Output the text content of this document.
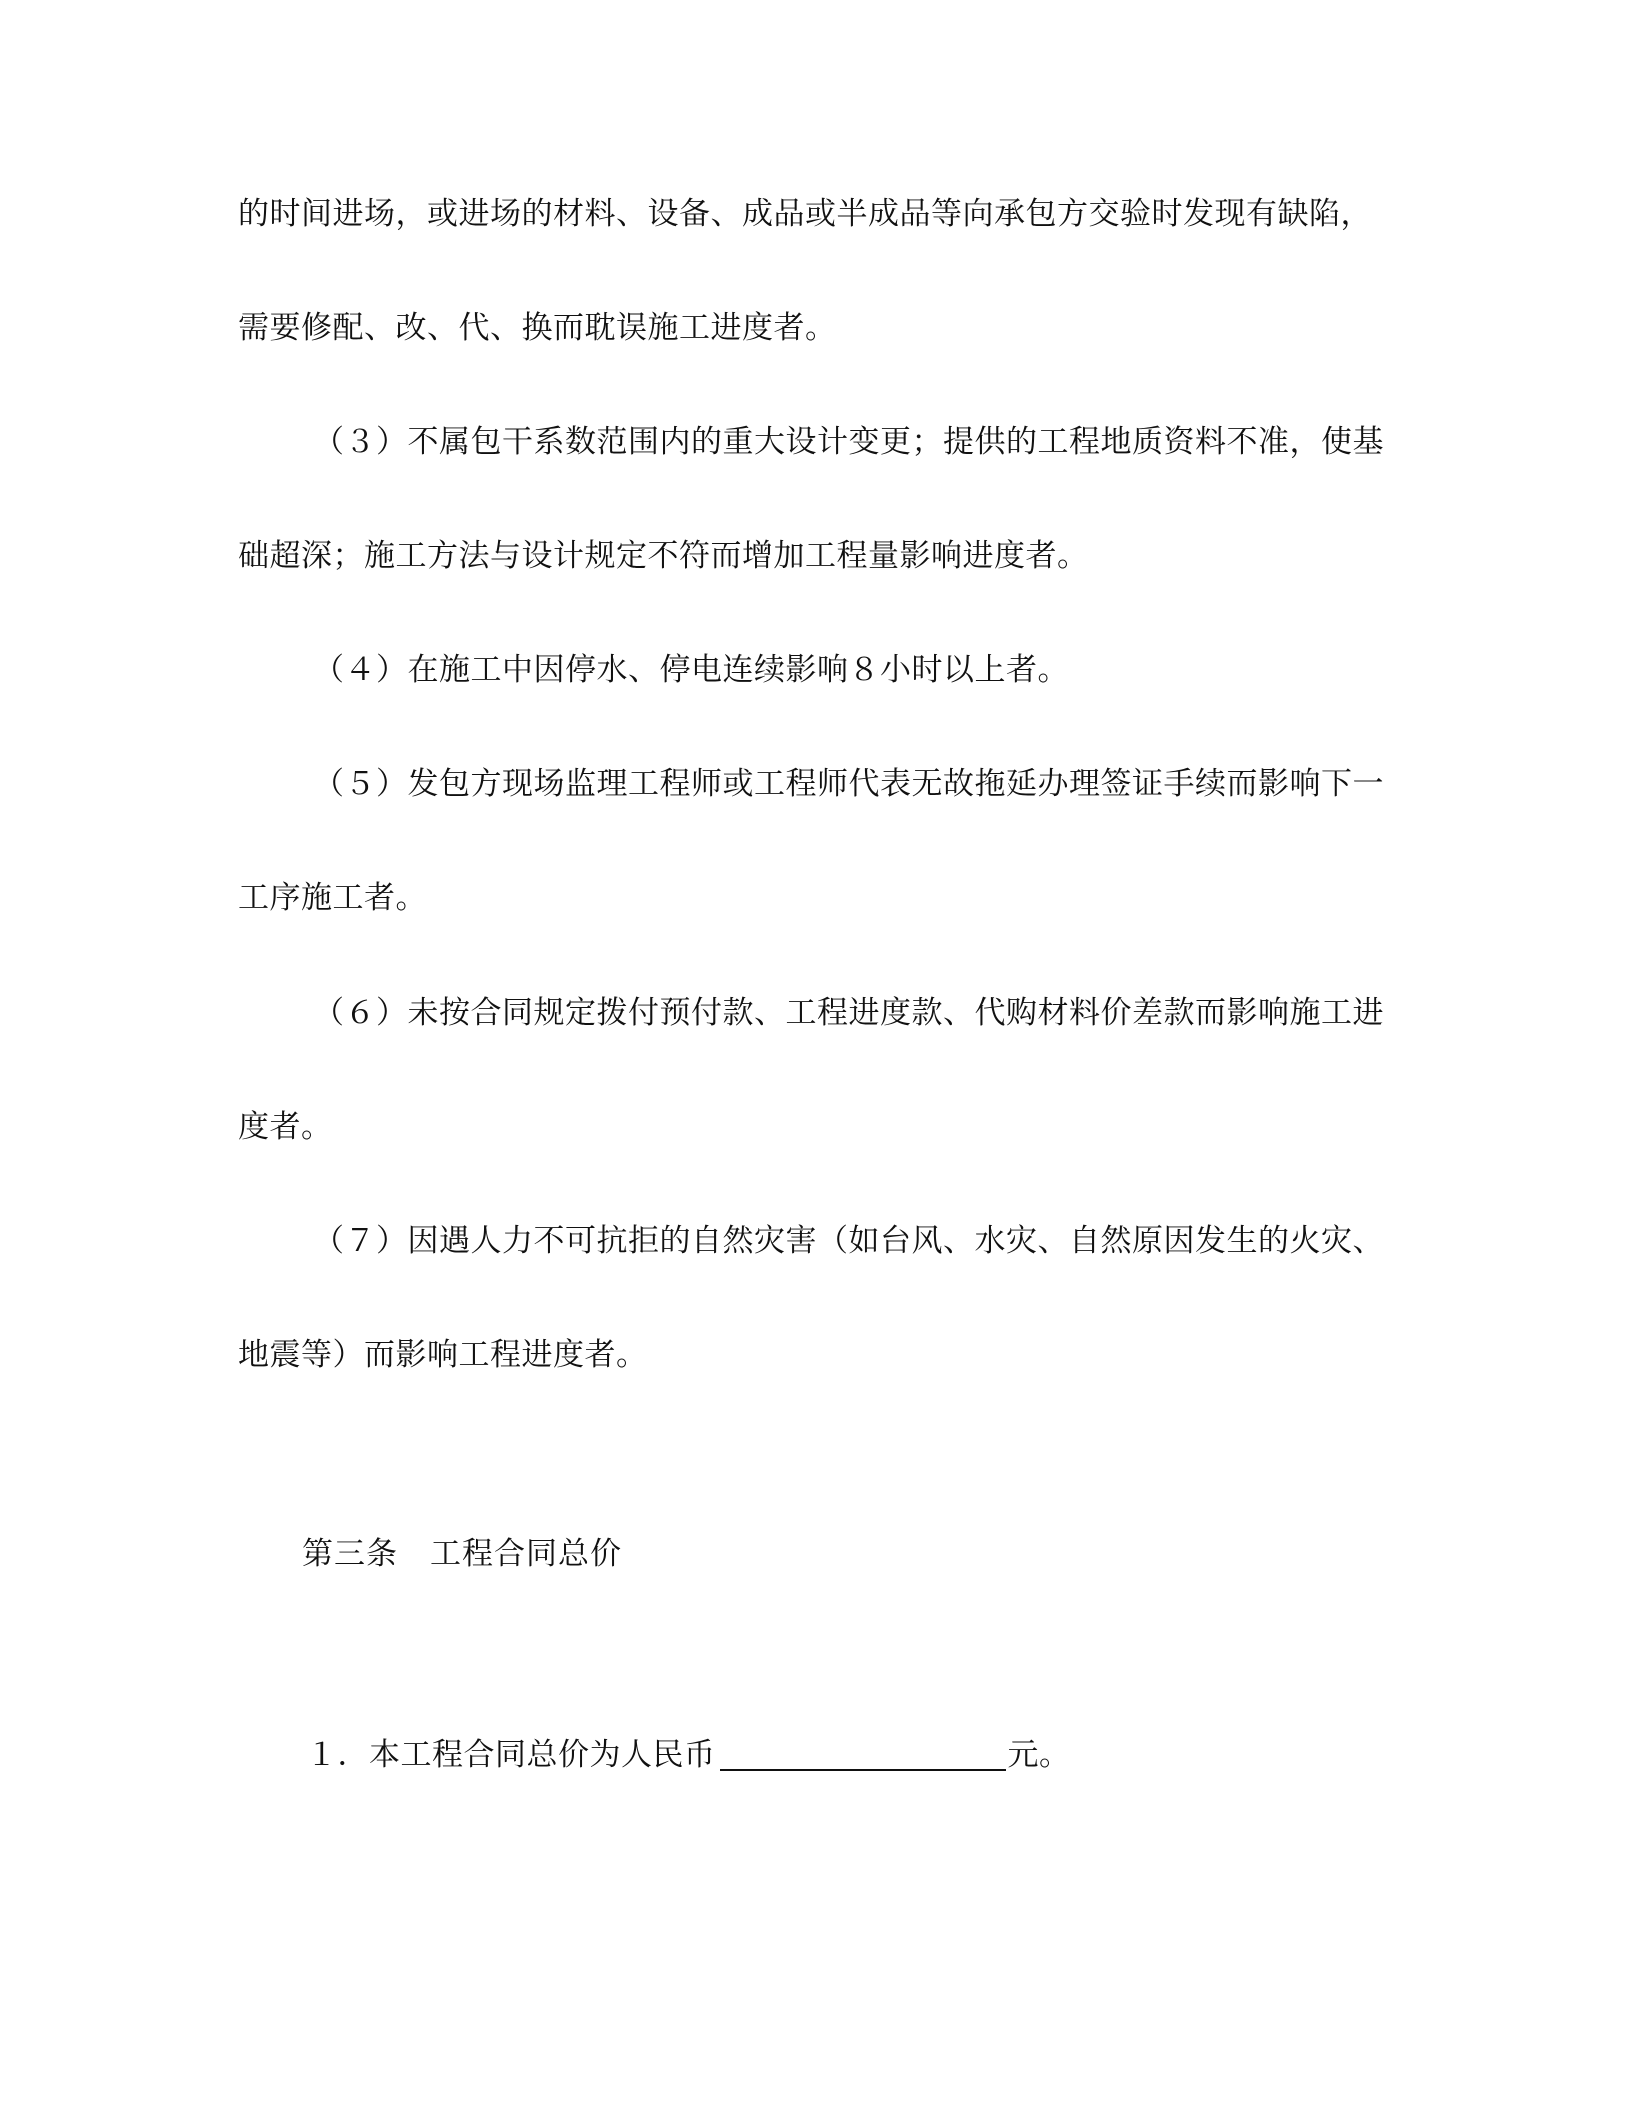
的时间进场，或进场的材料、设备、成品或半成品等向承包方交验时发现有缺陷，
需要修配、改、代、换而耽误施工进度者。
（３）不属包干系数范围内的重大设计变更；提供的工程地质资料不准，使基
础超深；施工方法与设计规定不符而增加工程量影响进度者。
（４）在施工中因停水、停电连续影响８小时以上者。
（５）发包方现场监理工程师或工程师代表无故拖延办理签证手续而影响下一
工序施工者。
（６）未按合同规定拨付预付款、工程进度款、代购材料价差款而影响施工进
度者。
（７）因遇人力不可抗拒的自然灾害（如台风、水灾、自然原因发生的火灾、
地震等）而影响工程进度者。
第三条　工程合同总价
１．本工程合同总价为人民币	元。
